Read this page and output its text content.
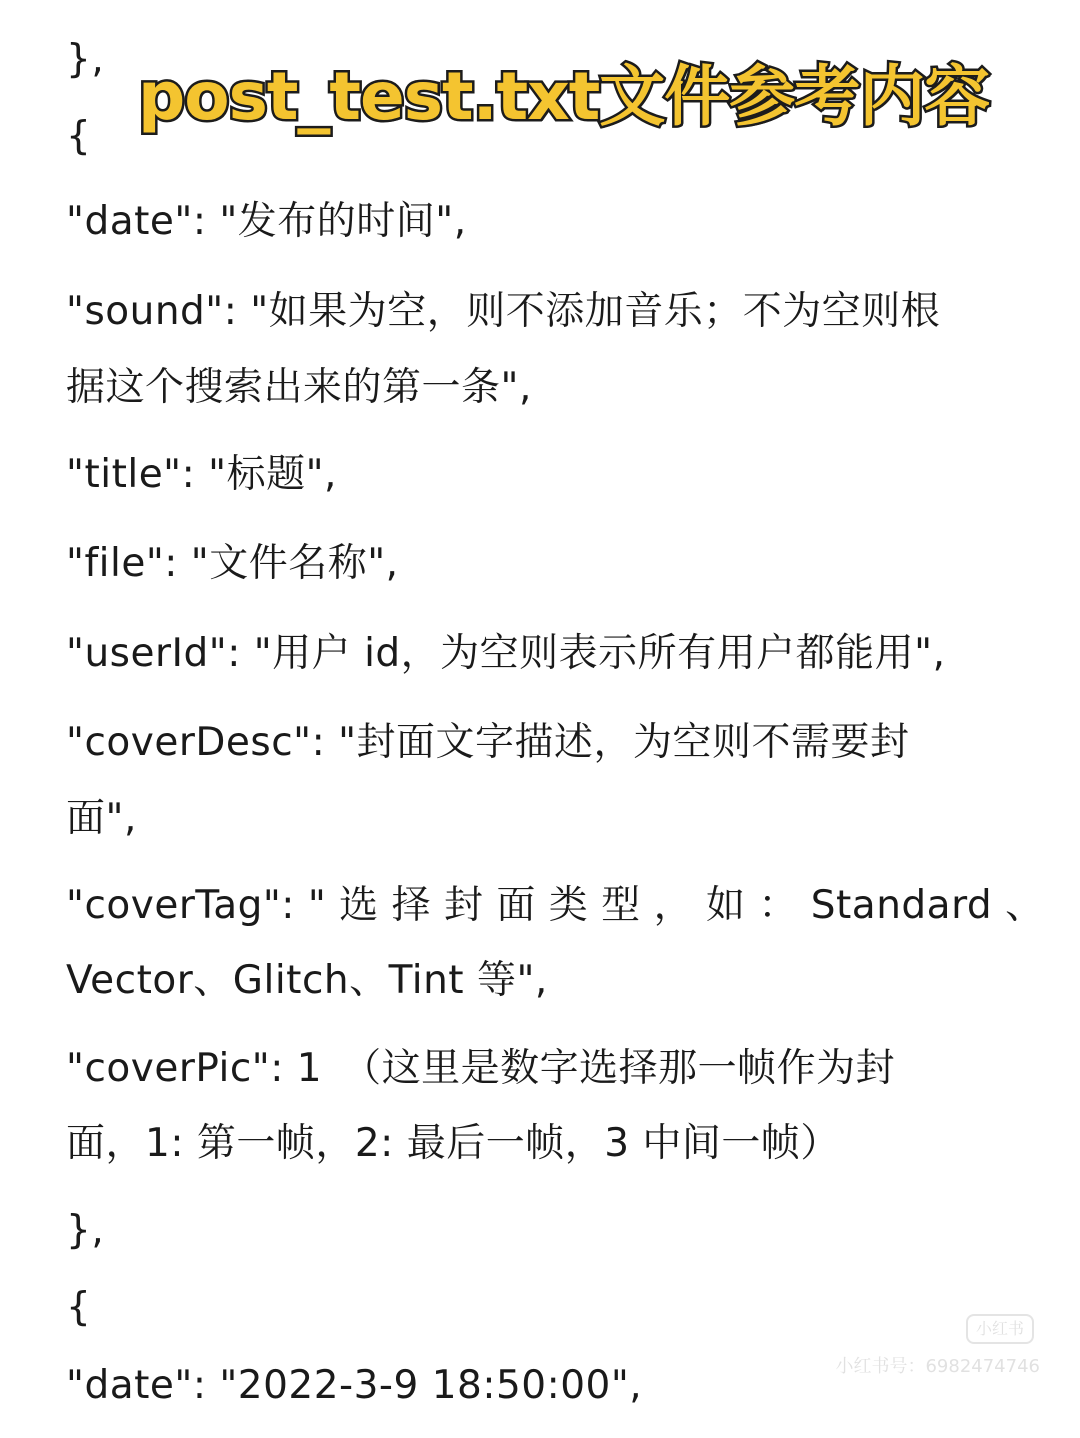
},
{
"date": "发布的时间",
"sound": "如果为空，则不添加音乐；不为空则根
据这个搜索出来的第一条",
"title": "标题",
"file": "文件名称",
"userId": "用户 id，为空则表示所有用户都能用",
"coverDesc": "封面文字描述，为空则不需要封
面",
"coverTag": " 选 择 封 面 类 型 ， 如 ： Standard 、
Vector、Glitch、Tint 等",
"coverPic": 1　（这里是数字选择那一帧作为封
面，1: 第一帧，2: 最后一帧，3 中间一帧）
},
{
"date": "2022-3-9 18:50:00",
post_test.txt文件参考内容
小红书
小红书号：6982474746
